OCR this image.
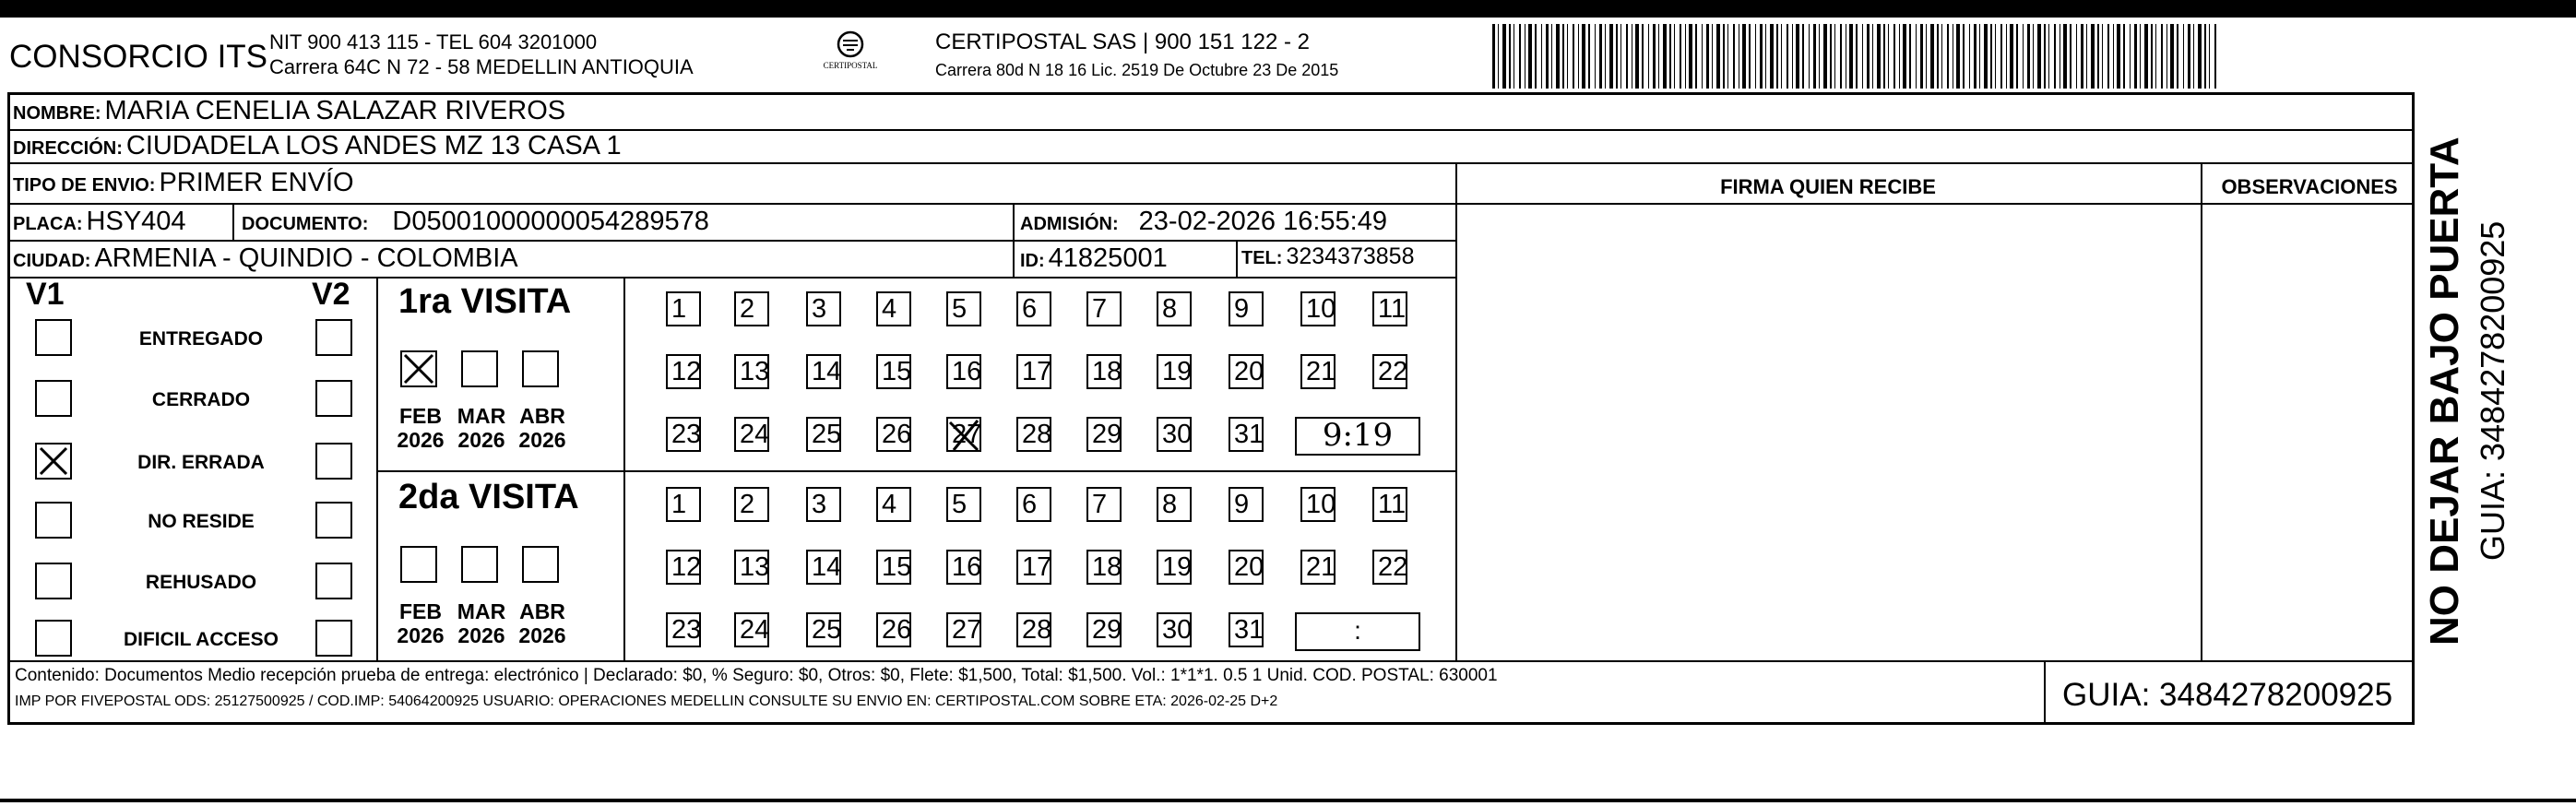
CONSORCIO ITS NIT 900 413 115 - TEL 604 3201000
Carrera 64C N 72 - 58 MEDELLIN ANTIOQUIA	CERTIPOSTAL
CERTIPOSTAL SAS | 900 151 122 - 2
Carrera 80d N 18 16 Lic. 2519 De Octubre 23 De 2015
NOMBRE: MARIA CENELIA SALAZAR RIVEROS
DIRECCIÓN: CIUDADELA LOS ANDES MZ 13 CASA 1
TIPO DE ENVIO: PRIMER ENVÍO
PLACA: HSY404	DOCUMENTO: D05001000000054289578	ADMISIÓN: 23-02-2026 16:55:49
CIUDAD: ARMENIA - QUINDIO - COLOMBIA	ID: 41825001	TEL: 3234373858
FIRMA QUIEN RECIBE	OBSERVACIONES
V1	V2
ENTREGADO
CERRADO
DIR. ERRADA
NO RESIDE
REHUSADO
DIFICIL ACCESO
1ra VISITA
FEB
2026
MAR
2026
ABR
2026
1	2	3	4	5	6	7	8	9	10 11
12 13 14 15 16 17 18 19 20 21 22
23 24 25 26 27 28 29 30 31	9:19
2da VISITA
FEB
2026
MAR
2026
ABR
2026
1	2	3	4	5	6	7	8	9	10 11
12 13 14 15 16 17 18 19 20 21 22
23 24 25 26 27 28 29 30 31	:
Contenido: Documentos Medio recepción prueba de entrega: electrónico | Declarado: $0, % Seguro: $0, Otros: $0, Flete: $1,500, Total: $1,500. Vol.: 1*1*1. 0.5 1 Unid. COD. POSTAL: 630001
IMP POR FIVEPOSTAL ODS: 25127500925 / COD.IMP: 54064200925 USUARIO: OPERACIONES MEDELLIN CONSULTE SU ENVIO EN: CERTIPOSTAL.COM SOBRE ETA: 2026-02-25 D+2	GUIA: 3484278200925
NO DEJAR BAJO PUERTA GUIA: 3484278200925
